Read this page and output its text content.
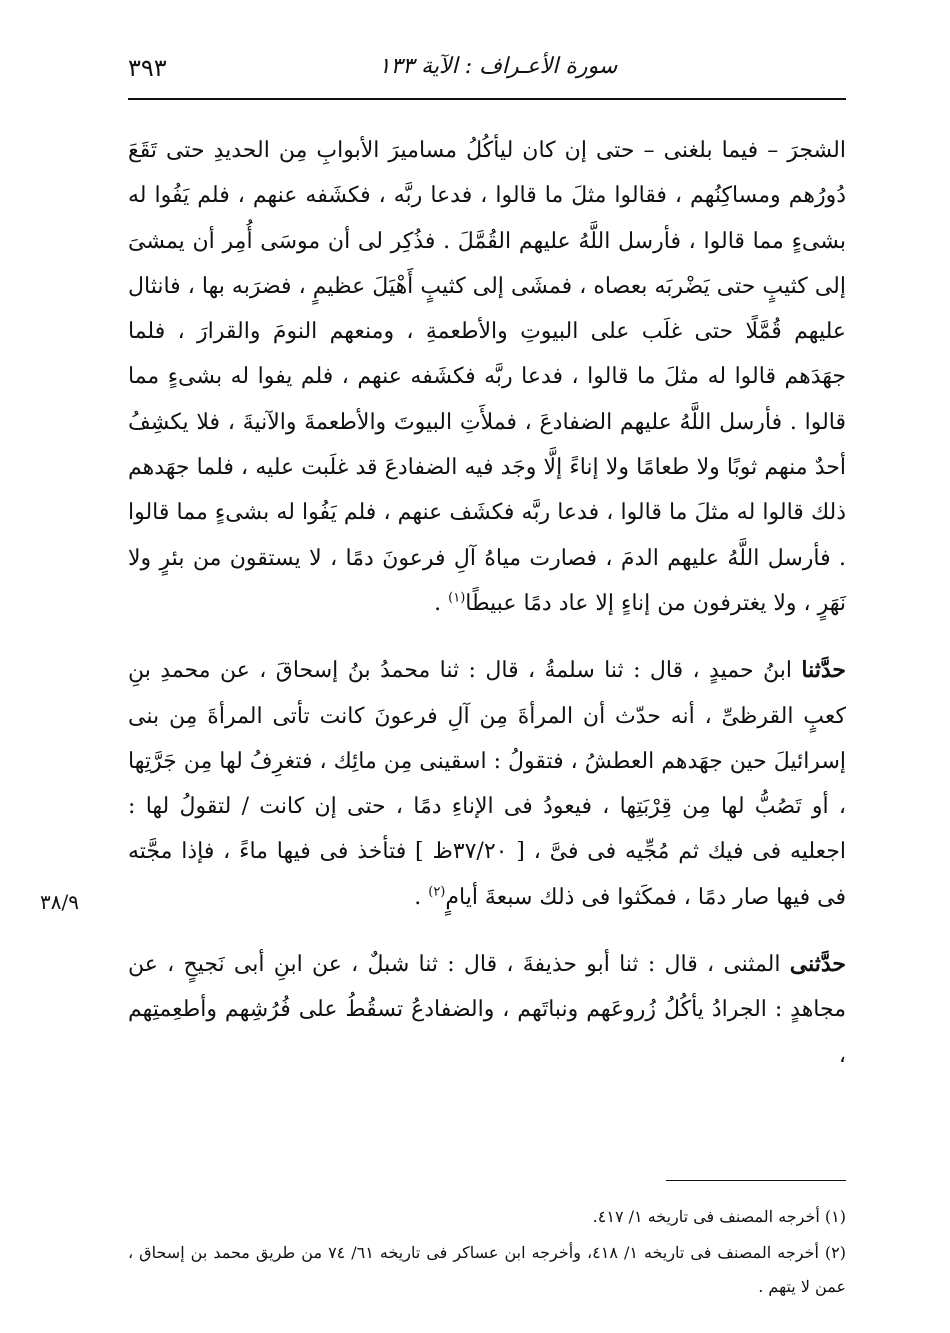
٣٩٣	سورة الأعـراف : الآية ١٣٣

الشجرَ – فيما بلغنى – حتى إن كان ليأكُلُ مساميرَ الأبوابِ مِن الحديدِ حتى تَقَعَ دُورُهم ومساكِنُهم ، فقالوا مثلَ ما قالوا ، فدعا ربَّه ، فكشَفه عنهم ، فلم يَفُوا له بشىءٍ مما قالوا ، فأرسل اللَّهُ عليهم القُمَّلَ . فذُكِر لى أن موسَى أُمِر أن يمشىَ إلى كثيبٍ حتى يَضْربَه بعصاه ، فمشَى إلى كثيبٍ أَهْيَلَ عظيمٍ ، فضرَبه بها ، فانثال عليهم قُمَّلًا حتى غلَب على البيوتِ والأطعمةِ ، ومنعهم النومَ والقرارَ ، فلما جهَدَهم قالوا له مثلَ ما قالوا ، فدعا ربَّه فكشَفه عنهم ، فلم يفوا له بشىءٍ مما قالوا . فأرسل اللَّهُ عليهم الضفادعَ ، فملأَتِ البيوتَ والأطعمةَ والآنيةَ ، فلا يكشِفُ أحدٌ منهم ثوبًا ولا طعامًا ولا إناءً إلَّا وجَد فيه الضفادعَ قد غلَبت عليه ، فلما جهَدهم ذلك قالوا له مثلَ ما قالوا ، فدعا ربَّه فكشَف عنهم ، فلم يَفُوا له بشىءٍ مما قالوا . فأرسل اللَّهُ عليهم الدمَ ، فصارت مياهُ آلِ فرعونَ دمًا ، لا يستقون من بئرٍ ولا نَهَرٍ ، ولا يغترفون من إناءٍ إلا عاد دمًا عبيطًا$^{(١)}$ .

حدَّثنا ابنُ حميدٍ ، قال : ثنا سلمةُ ، قال : ثنا محمدُ بنُ إسحاقَ ، عن محمدِ بنِ كعبٍ القرظىِّ ، أنه حدّث أن المرأةَ مِن آلِ فرعونَ كانت تأتى المرأةَ مِن بنى إسرائيلَ حين جهَدهم العطشُ ، فتقولُ : اسقينى مِن مائِك ، فتغرِفُ لها مِن جَرَّتِها ، أو تَصُبُّ لها مِن قِرْبَتِها ، فيعودُ فى الإناءِ دمًا ، حتى إن كانت / لتقولُ لها : اجعليه فى فيك ثم مُجِّيه فى فىَّ ، [ ٣٧/٢٠ظ ] فتأخذ فى فيها ماءً ، فإذا مجَّته فى فيها صار دمًا ، فمكَثوا فى ذلك سبعةَ أيامٍ$^{(٢)}$ .

حدَّثنى المثنى ، قال : ثنا أبو حذيفةَ ، قال : ثنا شبلٌ ، عن ابنِ أبى نَجيحٍ ، عن مجاهدٍ : الجرادُ يأكُلُ زُروعَهم ونباتَهم ، والضفادعُ تسقُطُ على فُرُشِهم وأطعِمتِهم ،

٣٨/٩

(١) أخرجه المصنف فى تاريخه ١/ ٤١٧.

(٢) أخرجه المصنف فى تاريخه ١/ ٤١٨، وأخرجه ابن عساكر فى تاريخه ٦١/ ٧٤ من طريق محمد بن إسحاق ، عمن لا يتهم .
